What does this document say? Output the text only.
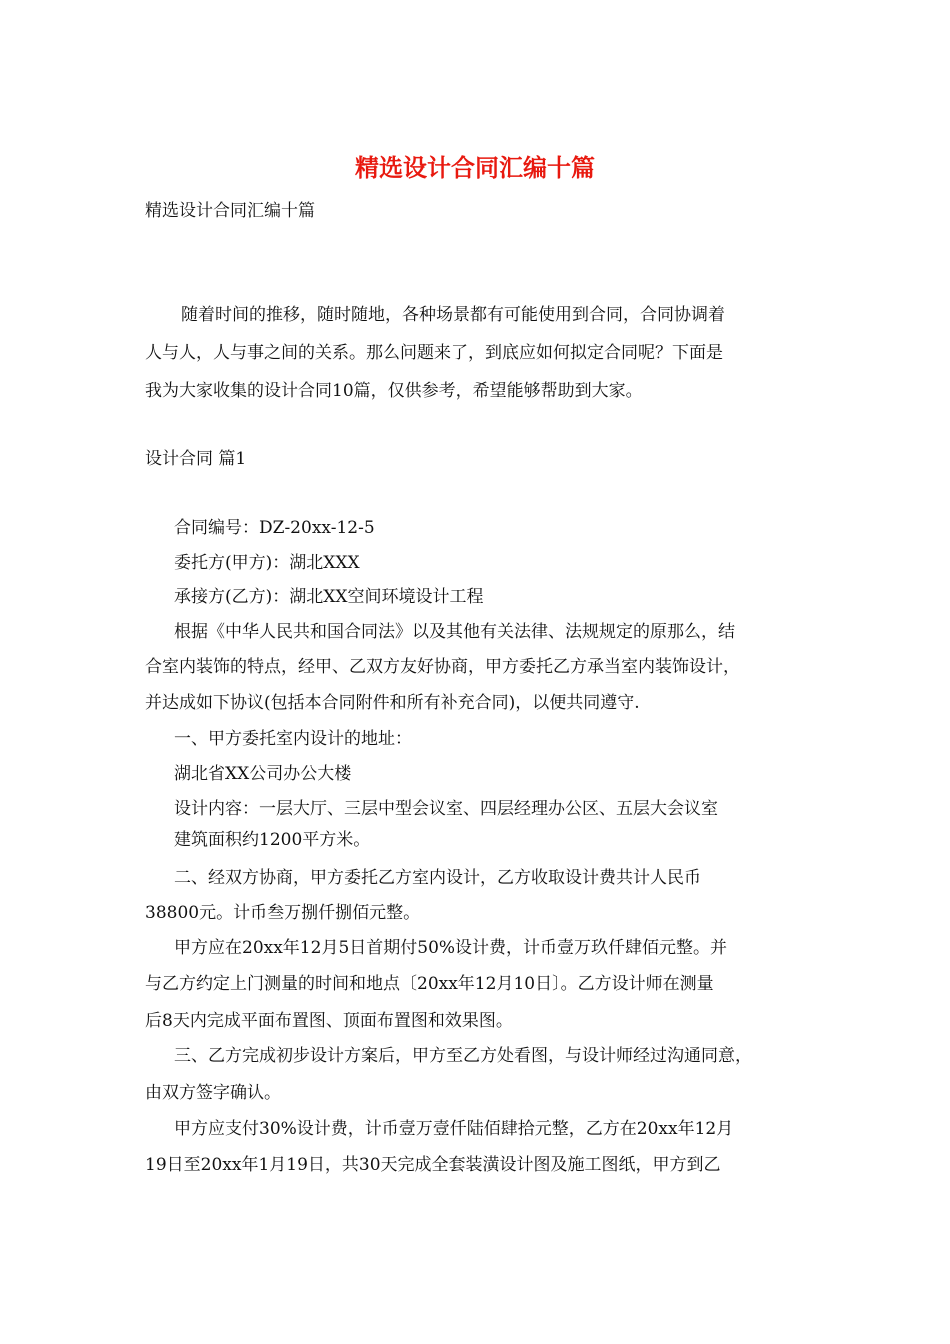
精选设计合同汇编十篇
精选设计合同汇编十篇
随着时间的推移，随时随地，各种场景都有可能使用到合同，合同协调着
人与人，人与事之间的关系。那么问题来了，到底应如何拟定合同呢？下面是
我为大家收集的设计合同10篇，仅供参考，希望能够帮助到大家。
设计合同 篇1
合同编号：DZ-20xx-12-5
委托方(甲方)：湖北XXX
承接方(乙方)：湖北XX空间环境设计工程
根据《中华人民共和国合同法》以及其他有关法律、法规规定的原那么，结
合室内装饰的特点，经甲、乙双方友好协商，甲方委托乙方承当室内装饰设计，
并达成如下协议(包括本合同附件和所有补充合同)，以便共同遵守.
一、甲方委托室内设计的地址：
湖北省XX公司办公大楼
设计内容：一层大厅、三层中型会议室、四层经理办公区、五层大会议室
建筑面积约1200平方米。
二、经双方协商，甲方委托乙方室内设计，乙方收取设计费共计人民币
38800元。计币叁万捌仟捌佰元整。
甲方应在20xx年12月5日首期付50%设计费，计币壹万玖仟肆佰元整。并
与乙方约定上门测量的时间和地点〔20xx年12月10日〕。乙方设计师在测量
后8天内完成平面布置图、顶面布置图和效果图。
三、乙方完成初步设计方案后，甲方至乙方处看图，与设计师经过沟通同意，
由双方签字确认。
甲方应支付30%设计费，计币壹万壹仟陆佰肆拾元整，乙方在20xx年12月
19日至20xx年1月19日，共30天完成全套装潢设计图及施工图纸，甲方到乙
